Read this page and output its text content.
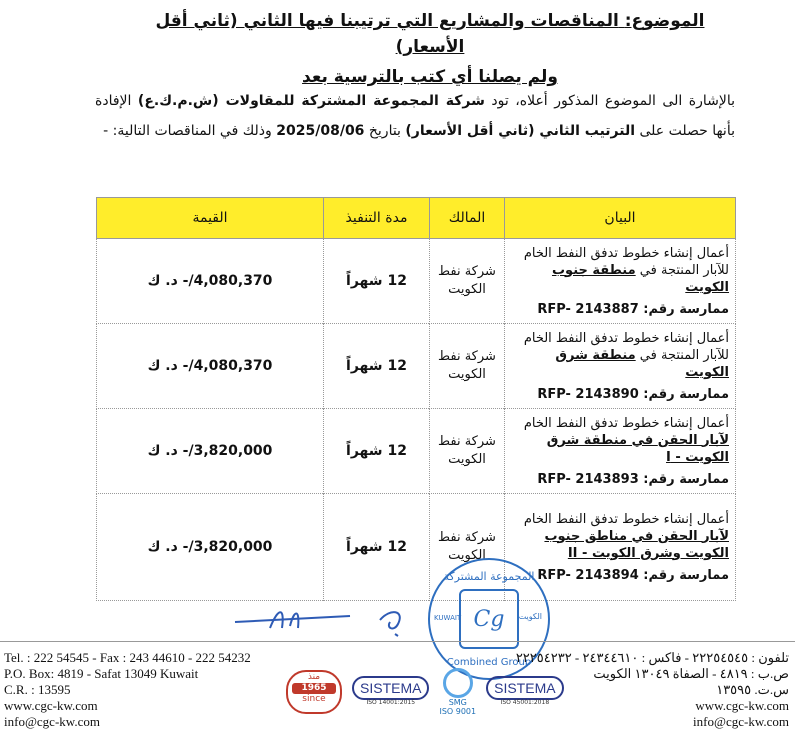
الموضوع: المناقصات والمشاريع التي ترتيبنا فيها الثاني (ثاني أقل الأسعار)
ولم يصلنا أي كتب بالترسية بعد
بالإشارة الى الموضوع المذكور أعلاه، تود شركة المجموعة المشتركة للمقاولات (ش.م.ك.ع) الإفادة بأنها حصلت على الترتيب الثاني (ثاني أقل الأسعار) بتاريخ 2025/08/06 وذلك في المناقصات التالية: -
البيان	المالك	مدة التنفيذ	القيمة
أعمال إنشاء خطوط تدفق النفط الخام للآبار المنتجة في منطقة جنوب الكويت
ممارسة رقم: RFP- 2143887	شركة نفط الكويت	12 شهراً	4,080,370/- د. ك
أعمال إنشاء خطوط تدفق النفط الخام للآبار المنتجة في منطقة شرق الكويت
ممارسة رقم: RFP- 2143890	شركة نفط الكويت	12 شهراً	4,080,370/- د. ك
أعمال إنشاء خطوط تدفق النفط الخام لآبار الحقن في منطقة شرق الكويت - I
ممارسة رقم: RFP- 2143893	شركة نفط الكويت	12 شهراً	3,820,000/- د. ك
أعمال إنشاء خطوط تدفق النفط الخام لآبار الحقن في مناطق جنوب الكويت وشرق الكويت - II
ممارسة رقم: RFP- 2143894	شركة نفط الكويت	12 شهراً	3,820,000/- د. ك
المجموعة المشتركة
KUWAIT	الكويت
Cg
Combined Group
Tel. : 222 54545 - Fax : 243 44610 - 222 54232
P.O. Box: 4819 - Safat 13049 Kuwait
C.R. : 13595
www.cgc-kw.com
info@cgc-kw.com
منذ
1965
since
SISTEMA
ISO 14001:2015	SMG
ISO 9001
SISTEMA
ISO 45001:2018
تلفون : ٢٢٢٥٤٥٤٥ - فاكس : ٢٤٣٤٤٦١٠ - ٢٢٢٥٤٢٣٢
ص.ب : ٤٨١٩ - الصفاة ١٣٠٤٩ الكويت
س.ت. ١٣٥٩٥
www.cgc-kw.com
info@cgc-kw.com
